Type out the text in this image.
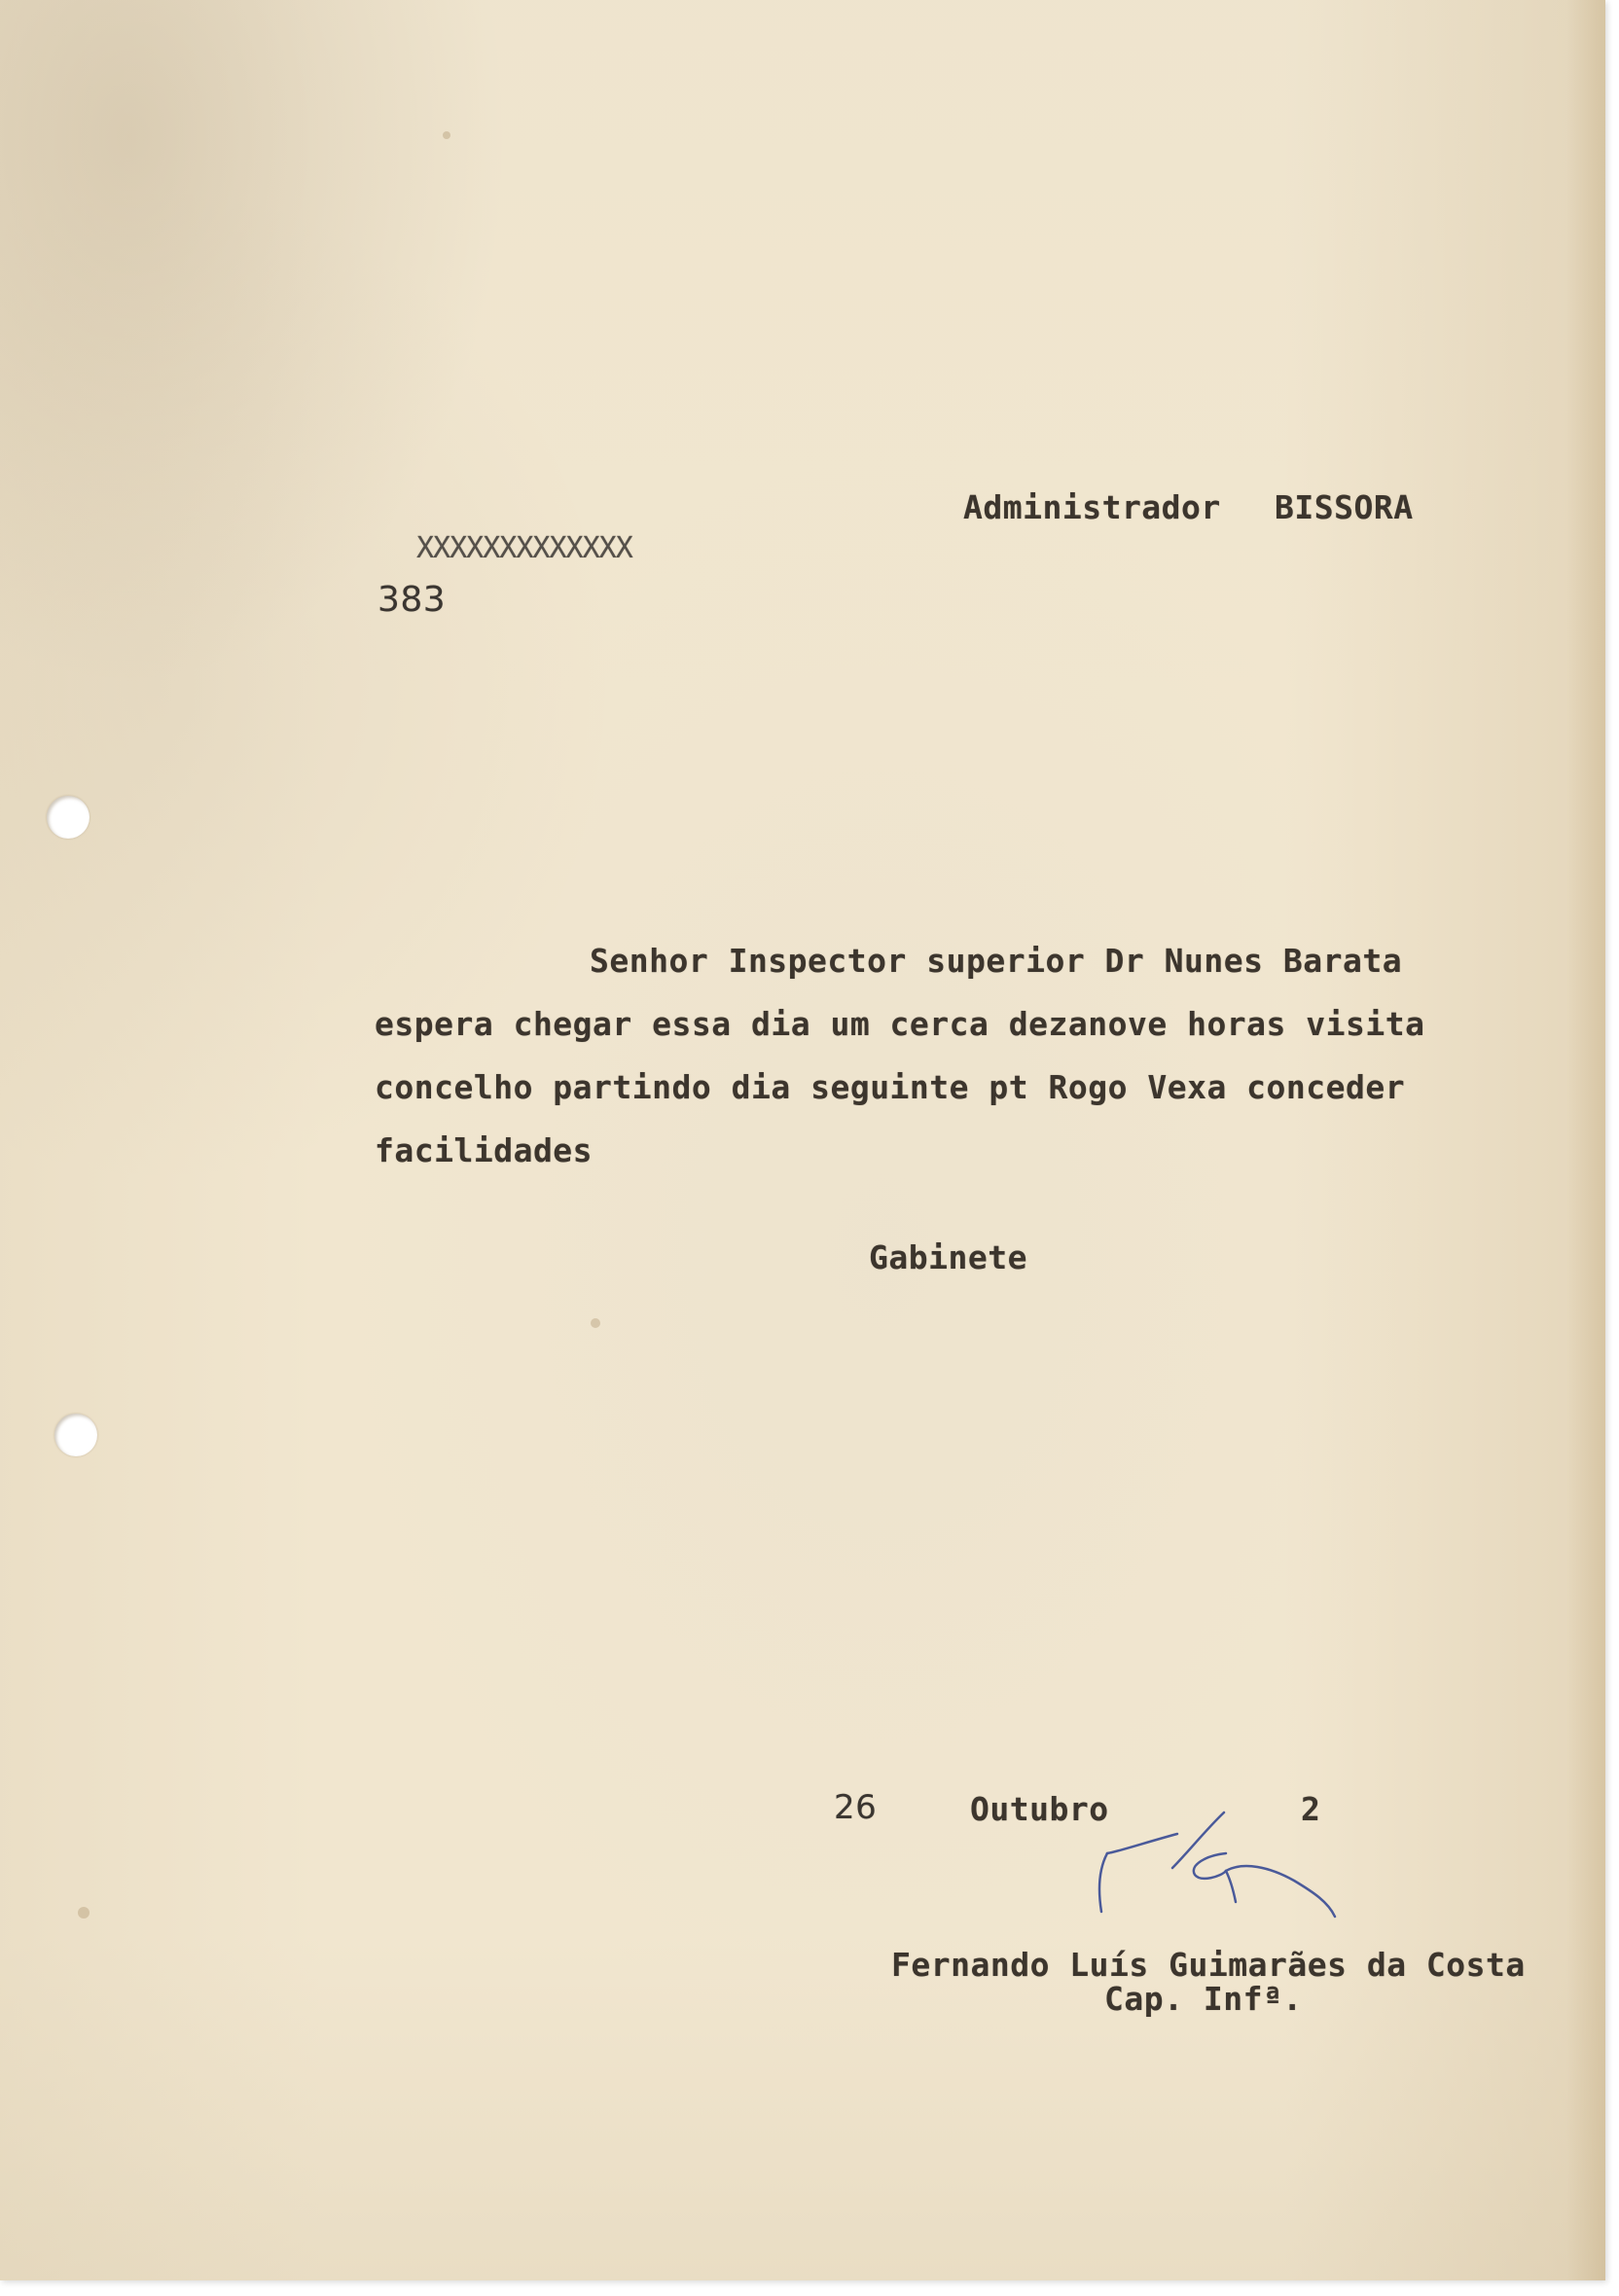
Administrador BISSORA
XXXXXXXXXXXXX
383
Senhor Inspector superior Dr Nunes Barata
espera chegar essa dia um cerca dezanove horas visita
concelho partindo dia seguinte pt Rogo Vexa conceder
facilidades
Gabinete
26	Outubro	2
Fernando Luís Guimarães da Costa
Cap. Infª.
